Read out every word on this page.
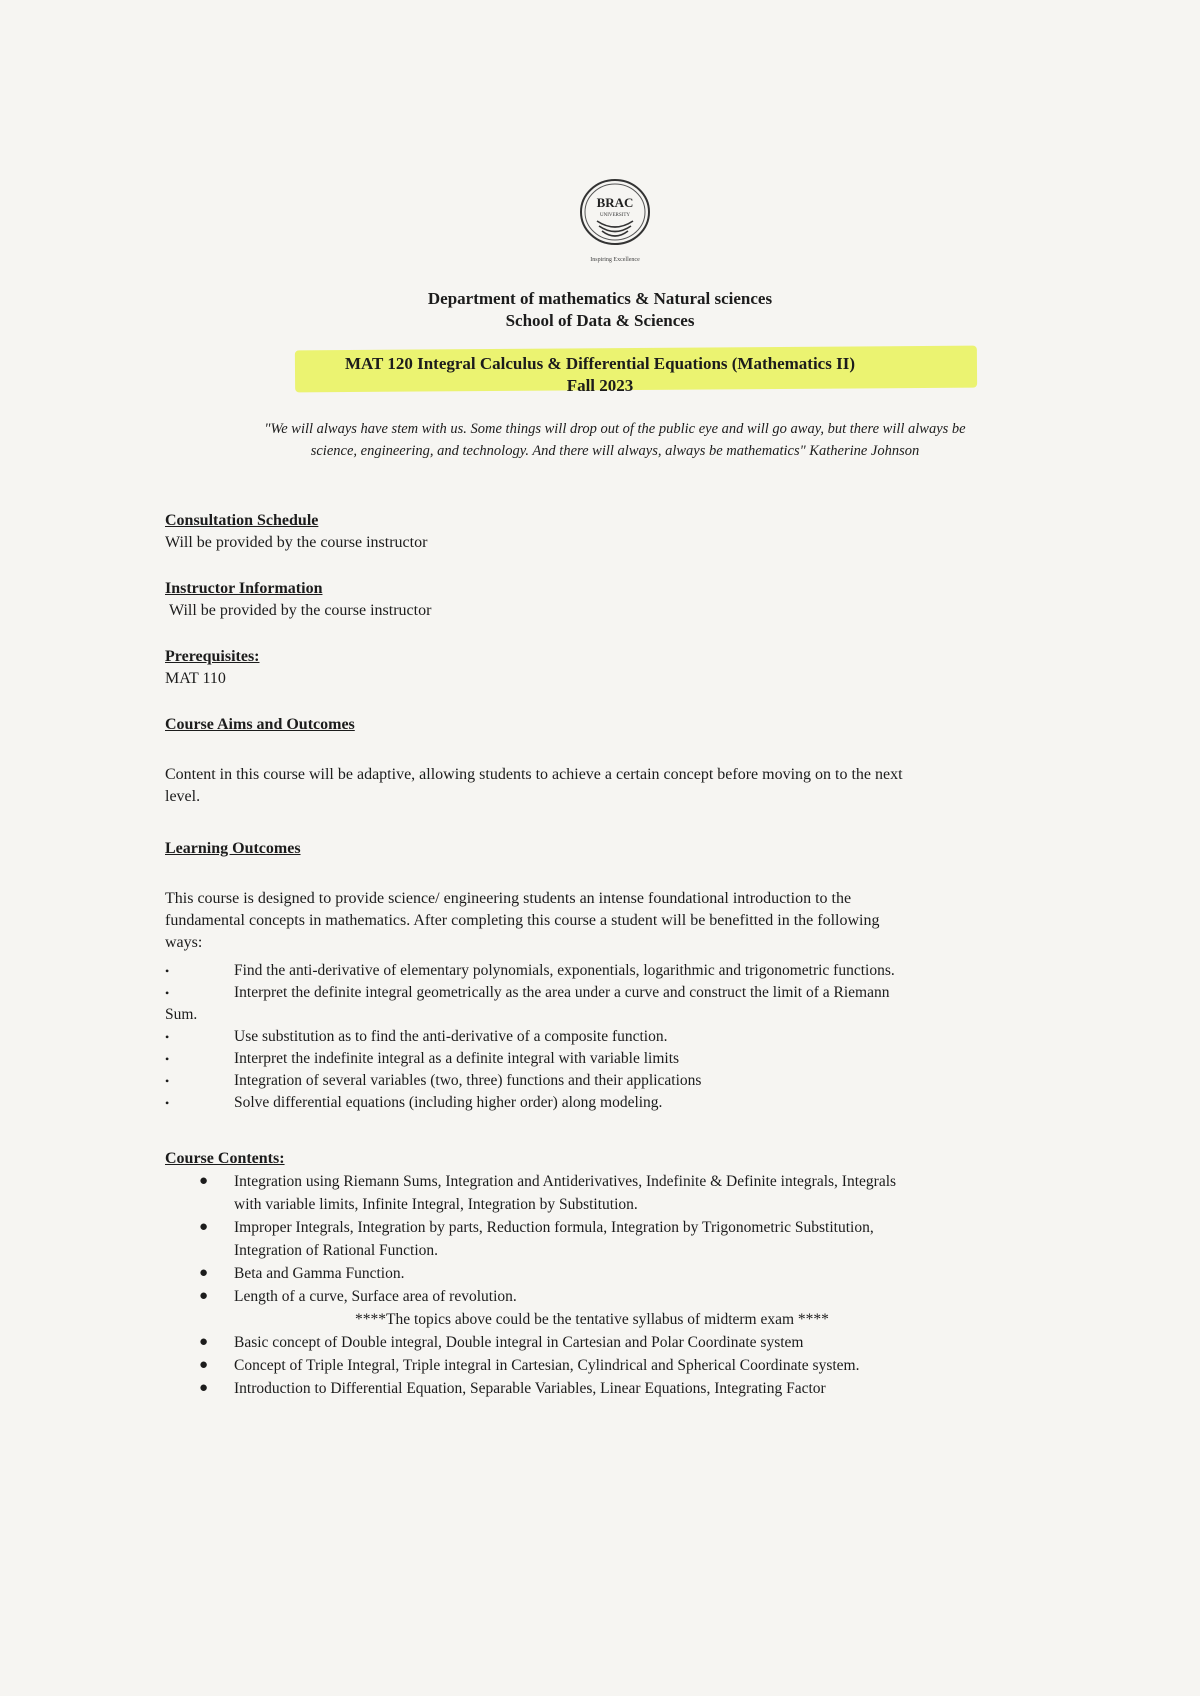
BRAC
UNIVERSITY
Inspiring Excellence
Department of mathematics & Natural sciences
School of Data & Sciences
MAT 120 Integral Calculus & Differential Equations (Mathematics II)
Fall 2023
"We will always have stem with us. Some things will drop out of the public eye and will go away, but there will always be
science, engineering, and technology. And there will always, always be mathematics" Katherine Johnson
Consultation Schedule
Will be provided by the course instructor
Instructor Information
Will be provided by the course instructor
Prerequisites:
MAT 110
Course Aims and Outcomes
Content in this course will be adaptive, allowing students to achieve a certain concept before moving on to the next
level.
Learning Outcomes
This course is designed to provide science/ engineering students an intense foundational introduction to the
fundamental concepts in mathematics. After completing this course a student will be benefitted in the following
ways:
•	Find the anti-derivative of elementary polynomials, exponentials, logarithmic and trigonometric functions.
•	Interpret the definite integral geometrically as the area under a curve and construct the limit of a Riemann
Sum.
•	Use substitution as to find the anti-derivative of a composite function.
•	Interpret the indefinite integral as a definite integral with variable limits
•	Integration of several variables (two, three) functions and their applications
•	Solve differential equations (including higher order) along modeling.
Course Contents:
● Integration using Riemann Sums, Integration and Antiderivatives, Indefinite & Definite integrals, Integrals
with variable limits, Infinite Integral, Integration by Substitution.
● Improper Integrals, Integration by parts, Reduction formula, Integration by Trigonometric Substitution,
Integration of Rational Function.
● Beta and Gamma Function.
● Length of a curve, Surface area of revolution.
****The topics above could be the tentative syllabus of midterm exam ****
● Basic concept of Double integral, Double integral in Cartesian and Polar Coordinate system
● Concept of Triple Integral, Triple integral in Cartesian, Cylindrical and Spherical Coordinate system.
● Introduction to Differential Equation, Separable Variables, Linear Equations, Integrating Factor
